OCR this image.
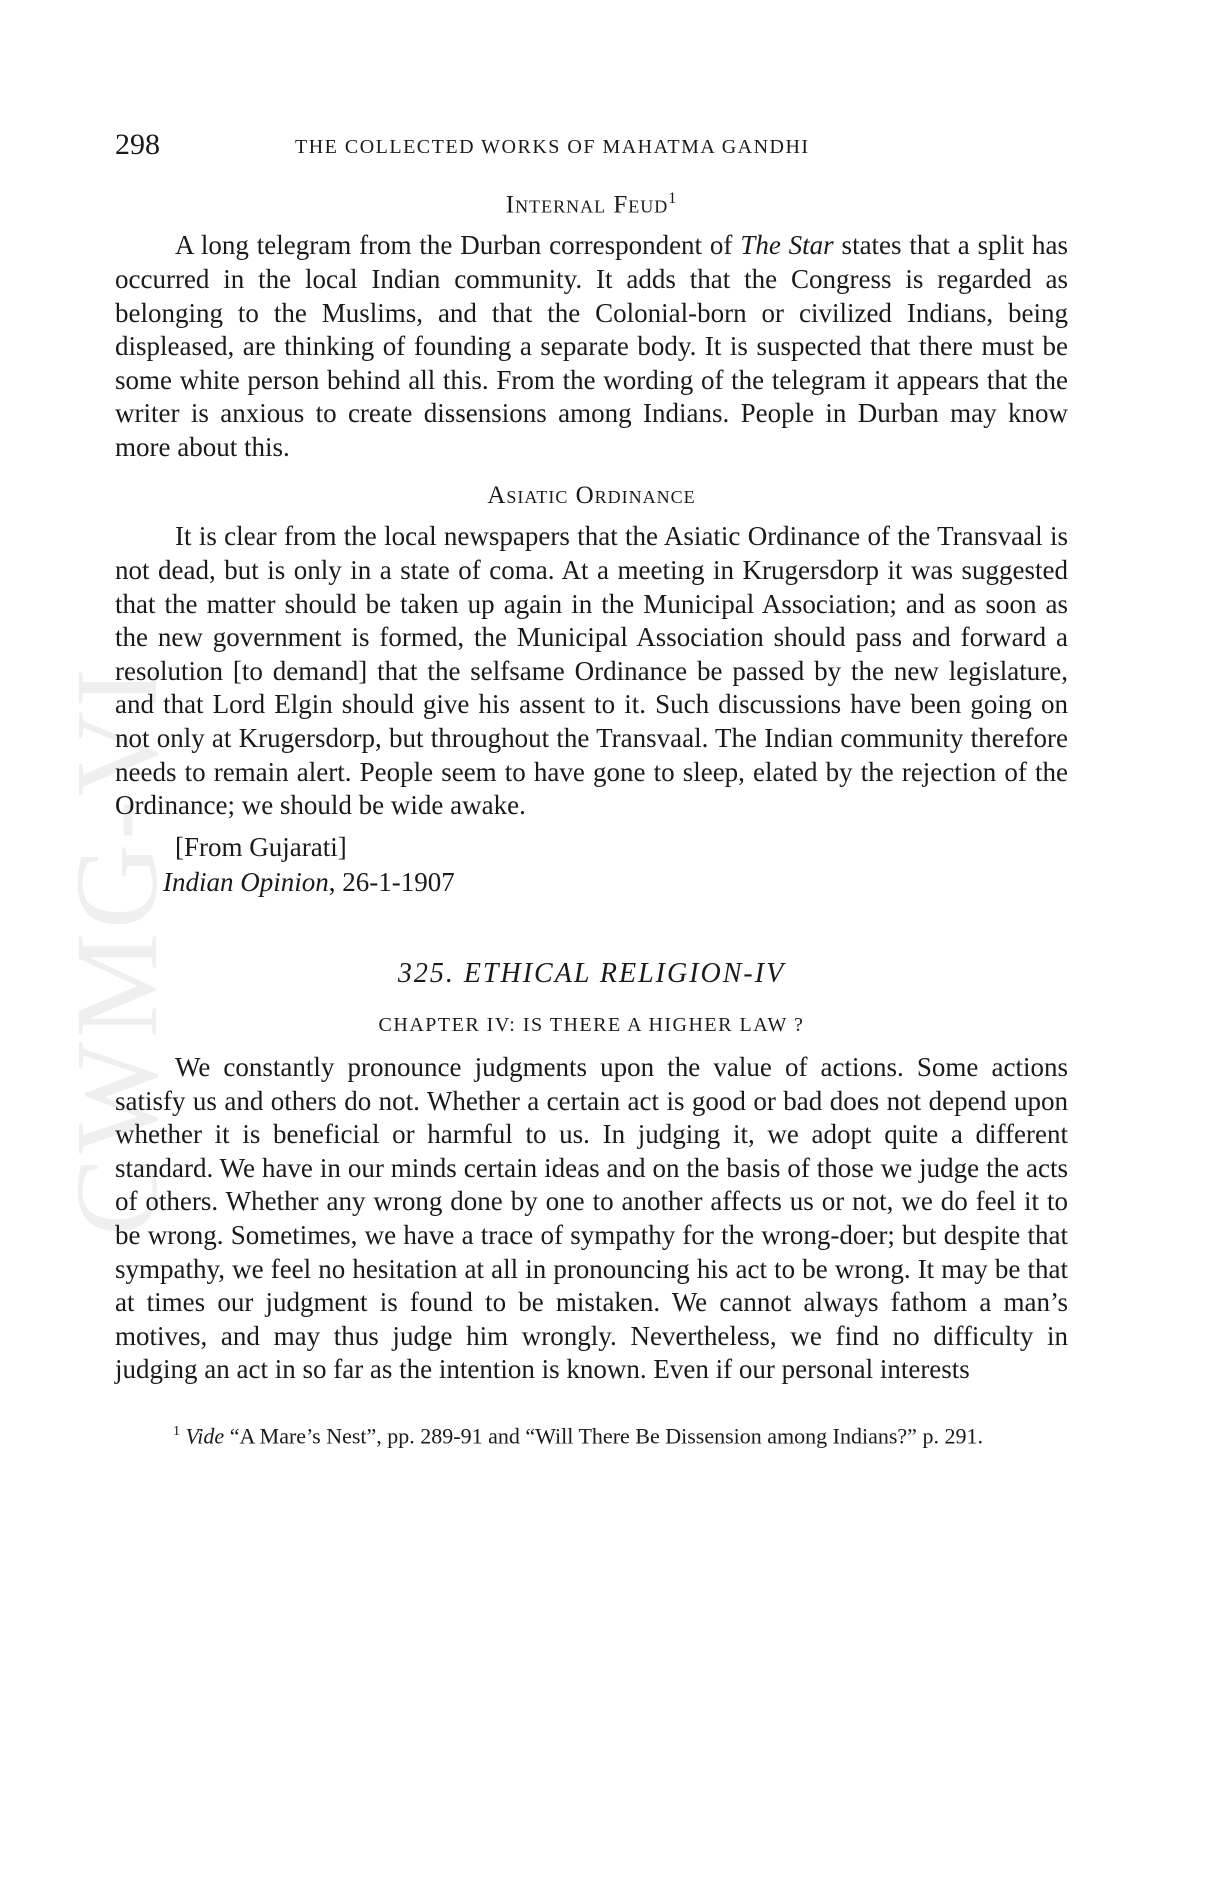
CWMG-VI
298	THE COLLECTED WORKS OF MAHATMA GANDHI
Internal Feud$^1$

A long telegram from the Durban correspondent of The Star states that a split has occurred in the local Indian community. It adds that the Congress is regarded as belonging to the Muslims, and that the Colonial-born or civilized Indians, being displeased, are thinking of founding a separate body. It is suspected that there must be some white person behind all this. From the wording of the telegram it appears that the writer is anxious to create dissensions among Indians. People in Durban may know more about this.

Asiatic Ordinance

It is clear from the local newspapers that the Asiatic Ordinance of the Transvaal is not dead, but is only in a state of coma. At a meeting in Krugersdorp it was suggested that the matter should be taken up again in the Municipal Association; and as soon as the new government is formed, the Municipal Association should pass and forward a resolution [to demand] that the selfsame Ordinance be passed by the new legislature, and that Lord Elgin should give his assent to it. Such discussions have been going on not only at Krugersdorp, but throughout the Transvaal. The Indian community therefore needs to remain alert. People seem to have gone to sleep, elated by the rejection of the Ordinance; we should be wide awake.

[From Gujarati]

Indian Opinion, 26-1-1907

325. ETHICAL RELIGION-IV
CHAPTER IV: IS THERE A HIGHER LAW ?

We constantly pronounce judgments upon the value of actions. Some actions satisfy us and others do not. Whether a certain act is good or bad does not depend upon whether it is beneficial or harmful to us. In judging it, we adopt quite a different standard. We have in our minds certain ideas and on the basis of those we judge the acts of others. Whether any wrong done by one to another affects us or not, we do feel it to be wrong. Sometimes, we have a trace of sympathy for the wrong-doer; but despite that sympathy, we feel no hesitation at all in pronouncing his act to be wrong. It may be that at times our judgment is found to be mistaken. We cannot always fathom a man’s motives, and may thus judge him wrongly. Nevertheless, we find no difficulty in judging an act in so far as the intention is known. Even if our personal interests

$^1$ Vide “A Mare’s Nest”, pp. 289-91 and “Will There Be Dissension among Indians?” p. 291.
